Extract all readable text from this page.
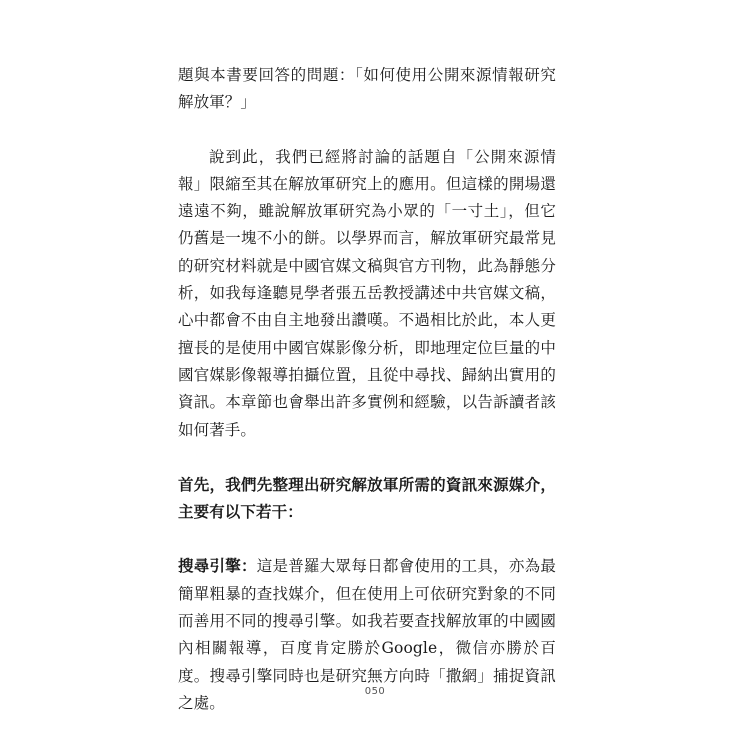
題與本書要回答的問題：「如何使用公開來源情報研究解放軍？」

說到此，我們已經將討論的話題自「公開來源情報」限縮至其在解放軍研究上的應用。但這樣的開場還遠遠不夠，雖說解放軍研究為小眾的「一寸土」，但它仍舊是一塊不小的餅。以學界而言，解放軍研究最常見的研究材料就是中國官媒文稿與官方刊物，此為靜態分析，如我每逢聽見學者張五岳教授講述中共官媒文稿，心中都會不由自主地發出讚嘆。不過相比於此，本人更擅長的是使用中國官媒影像分析，即地理定位巨量的中國官媒影像報導拍攝位置，且從中尋找、歸納出實用的資訊。本章節也會舉出許多實例和經驗，以告訴讀者該如何著手。

首先，我們先整理出研究解放軍所需的資訊來源媒介，主要有以下若干：

搜尋引擎：這是普羅大眾每日都會使用的工具，亦為最簡單粗暴的查找媒介，但在使用上可依研究對象的不同而善用不同的搜尋引擎。如我若要查找解放軍的中國國內相關報導，百度肯定勝於Google，微信亦勝於百度。搜尋引擎同時也是研究無方向時「撒網」捕捉資訊之處。

050
